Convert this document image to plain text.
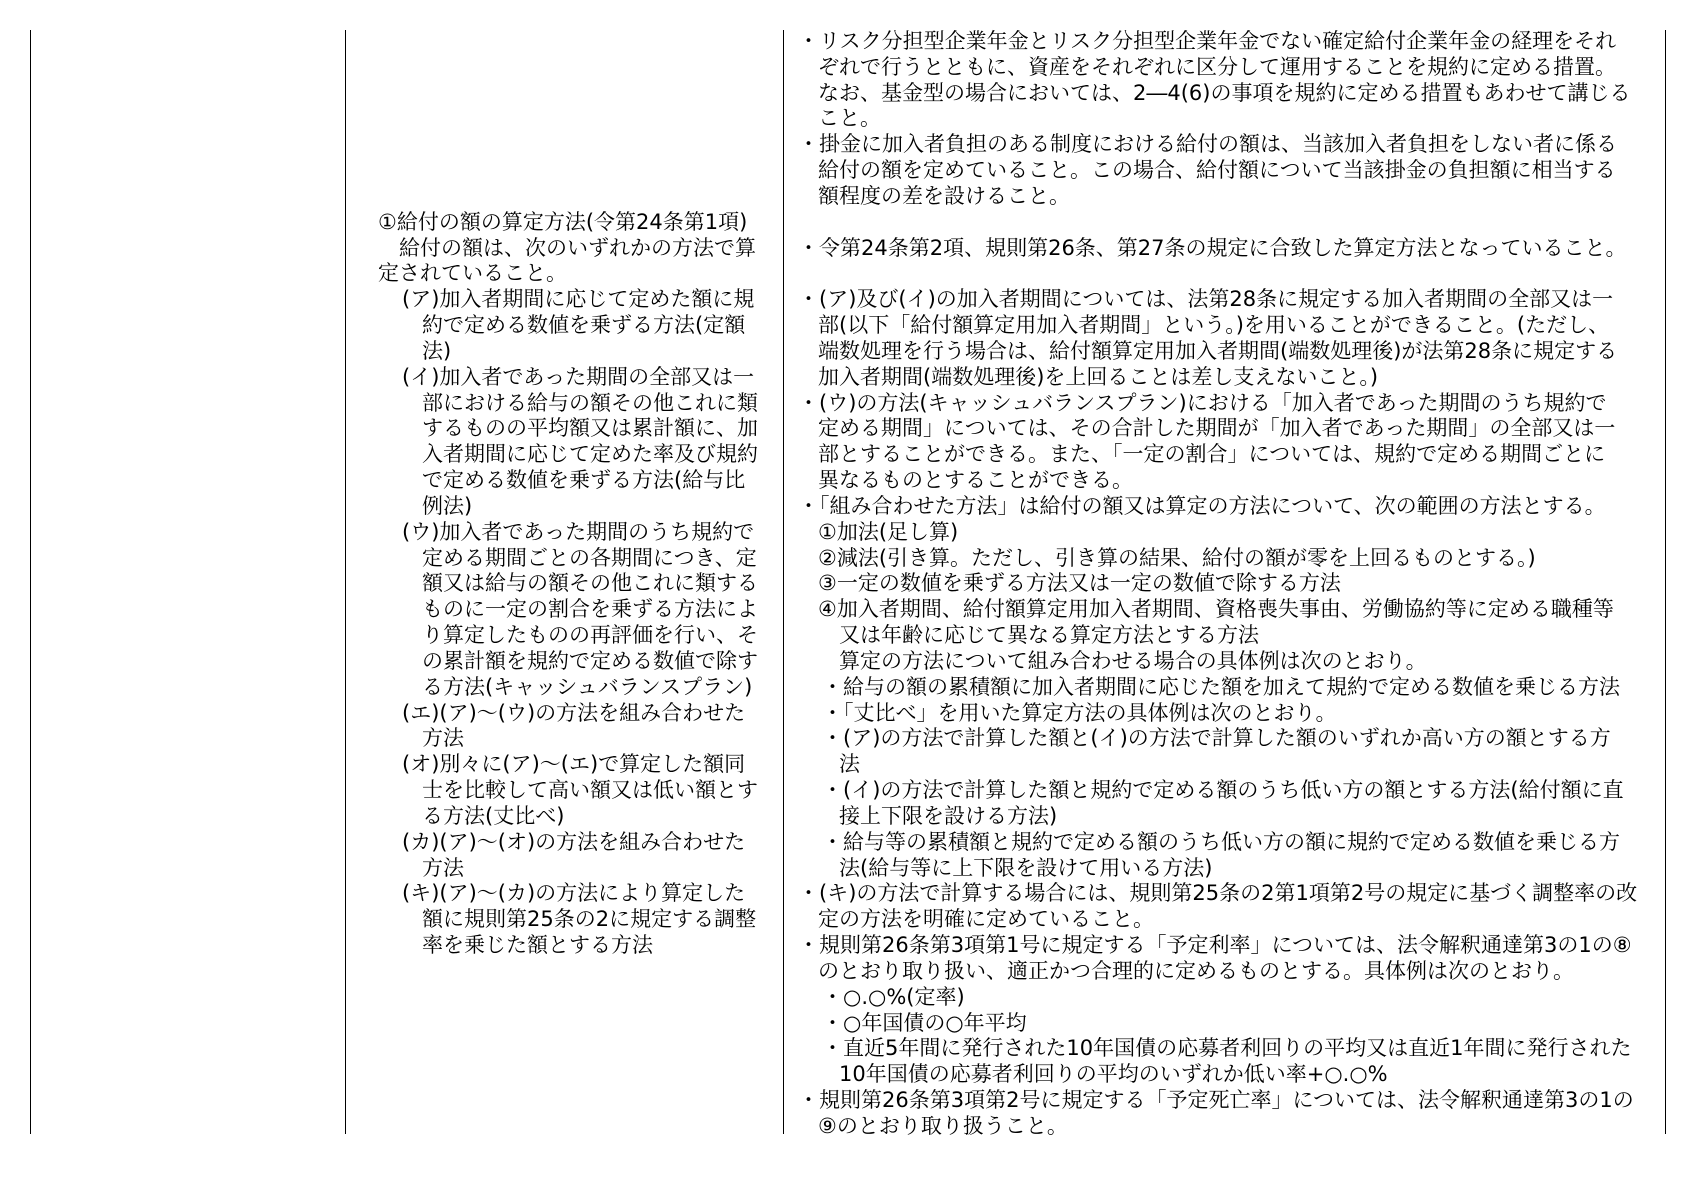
①給付の額の算定方法(令第24条第1項)
　給付の額は、次のいずれかの方法で算
定されていること。
(ア)加入者期間に応じて定めた額に規
約で定める数値を乗ずる方法(定額
法)
(イ)加入者であった期間の全部又は一
部における給与の額その他これに類
するものの平均額又は累計額に、加
入者期間に応じて定めた率及び規約
で定める数値を乗ずる方法(給与比
例法)
(ウ)加入者であった期間のうち規約で
定める期間ごとの各期間につき、定
額又は給与の額その他これに類する
ものに一定の割合を乗ずる方法によ
り算定したものの再評価を行い、そ
の累計額を規約で定める数値で除す
る方法(キャッシュバランスプラン)
(エ)(ア)～(ウ)の方法を組み合わせた
方法
(オ)別々に(ア)～(エ)で算定した額同
士を比較して高い額又は低い額とす
る方法(丈比べ)
(カ)(ア)～(オ)の方法を組み合わせた
方法
(キ)(ア)～(カ)の方法により算定した
額に規則第25条の2に規定する調整
率を乗じた額とする方法
・リスク分担型企業年金とリスク分担型企業年金でない確定給付企業年金の経理をそれ
ぞれで行うとともに、資産をそれぞれに区分して運用することを規約に定める措置。
なお、基金型の場合においては、2―4(6)の事項を規約に定める措置もあわせて講じる
こと。
・掛金に加入者負担のある制度における給付の額は、当該加入者負担をしない者に係る
給付の額を定めていること。この場合、給付額について当該掛金の負担額に相当する
額程度の差を設けること。
・令第24条第2項、規則第26条、第27条の規定に合致した算定方法となっていること。
・(ア)及び(イ)の加入者期間については、法第28条に規定する加入者期間の全部又は一
部(以下「給付額算定用加入者期間」という。)を用いることができること。(ただし、
端数処理を行う場合は、給付額算定用加入者期間(端数処理後)が法第28条に規定する
加入者期間(端数処理後)を上回ることは差し支えないこと。)
・(ウ)の方法(キャッシュバランスプラン)における「加入者であった期間のうち規約で
定める期間」については、その合計した期間が「加入者であった期間」の全部又は一
部とすることができる。また、「一定の割合」については、規約で定める期間ごとに
異なるものとすることができる。
・「組み合わせた方法」は給付の額又は算定の方法について、次の範囲の方法とする。
①加法(足し算)
②減法(引き算。ただし、引き算の結果、給付の額が零を上回るものとする。)
③一定の数値を乗ずる方法又は一定の数値で除する方法
④加入者期間、給付額算定用加入者期間、資格喪失事由、労働協約等に定める職種等
又は年齢に応じて異なる算定方法とする方法
算定の方法について組み合わせる場合の具体例は次のとおり。
・給与の額の累積額に加入者期間に応じた額を加えて規約で定める数値を乗じる方法
・「丈比べ」を用いた算定方法の具体例は次のとおり。
・(ア)の方法で計算した額と(イ)の方法で計算した額のいずれか高い方の額とする方
法
・(イ)の方法で計算した額と規約で定める額のうち低い方の額とする方法(給付額に直
接上下限を設ける方法)
・給与等の累積額と規約で定める額のうち低い方の額に規約で定める数値を乗じる方
法(給与等に上下限を設けて用いる方法)
・(キ)の方法で計算する場合には、規則第25条の2第1項第2号の規定に基づく調整率の改
定の方法を明確に定めていること。
・規則第26条第3項第1号に規定する「予定利率」については、法令解釈通達第3の1の⑧
のとおり取り扱い、適正かつ合理的に定めるものとする。具体例は次のとおり。
・○.○%(定率)
・○年国債の○年平均
・直近5年間に発行された10年国債の応募者利回りの平均又は直近1年間に発行された
10年国債の応募者利回りの平均のいずれか低い率+○.○%
・規則第26条第3項第2号に規定する「予定死亡率」については、法令解釈通達第3の1の
⑨のとおり取り扱うこと。
